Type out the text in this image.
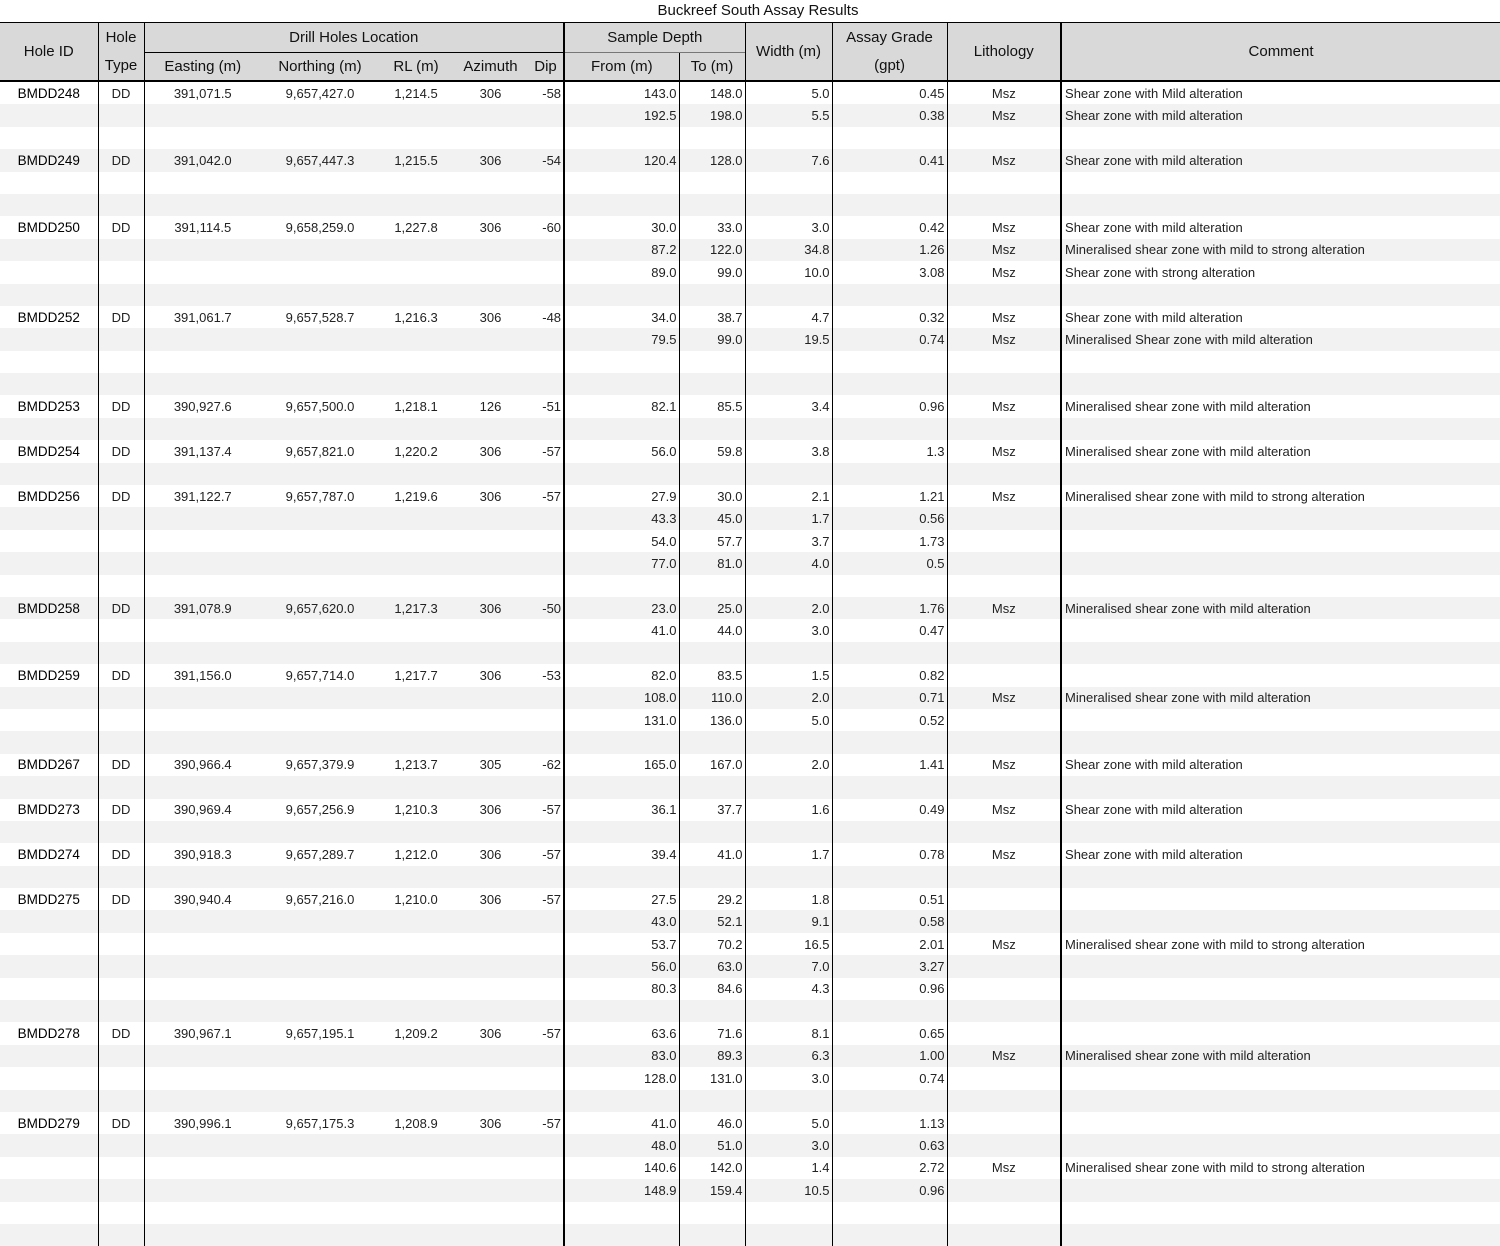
Buckreef South Assay Results
Hole ID	Hole	Drill Holes Location					Sample Depth		Width (m)	Assay Grade	Lithology	Comment
	Type	Easting (m)	Northing (m)	RL (m)	Azimuth	Dip	From (m)	To (m)		(gpt)		
BMDD248	DD	391,071.5	9,657,427.0	1,214.5	306	-58	143.0	148.0	5.0	0.45	Msz	Shear zone with Mild alteration
							192.5	198.0	5.5	0.38	Msz	Shear zone with mild alteration

BMDD249	DD	391,042.0	9,657,447.3	1,215.5	306	-54	120.4	128.0	7.6	0.41	Msz	Shear zone with mild alteration

BMDD250	DD	391,114.5	9,658,259.0	1,227.8	306	-60	30.0	33.0	3.0	0.42	Msz	Shear zone with mild alteration
							87.2	122.0	34.8	1.26	Msz	Mineralised shear zone with mild to strong alteration
							89.0	99.0	10.0	3.08	Msz	Shear zone with strong alteration

BMDD252	DD	391,061.7	9,657,528.7	1,216.3	306	-48	34.0	38.7	4.7	0.32	Msz	Shear zone with mild alteration
							79.5	99.0	19.5	0.74	Msz	Mineralised Shear zone with mild alteration

BMDD253	DD	390,927.6	9,657,500.0	1,218.1	126	-51	82.1	85.5	3.4	0.96	Msz	Mineralised shear zone with mild alteration

BMDD254	DD	391,137.4	9,657,821.0	1,220.2	306	-57	56.0	59.8	3.8	1.3	Msz	Mineralised shear zone with mild alteration

BMDD256	DD	391,122.7	9,657,787.0	1,219.6	306	-57	27.9	30.0	2.1	1.21	Msz	Mineralised shear zone with mild to strong alteration
							43.3	45.0	1.7	0.56		
							54.0	57.7	3.7	1.73		
							77.0	81.0	4.0	0.5		

BMDD258	DD	391,078.9	9,657,620.0	1,217.3	306	-50	23.0	25.0	2.0	1.76	Msz	Mineralised shear zone with mild alteration
							41.0	44.0	3.0	0.47		

BMDD259	DD	391,156.0	9,657,714.0	1,217.7	306	-53	82.0	83.5	1.5	0.82		
							108.0	110.0	2.0	0.71	Msz	Mineralised shear zone with mild alteration
							131.0	136.0	5.0	0.52		

BMDD267	DD	390,966.4	9,657,379.9	1,213.7	305	-62	165.0	167.0	2.0	1.41	Msz	Shear zone with mild alteration

BMDD273	DD	390,969.4	9,657,256.9	1,210.3	306	-57	36.1	37.7	1.6	0.49	Msz	Shear zone with mild alteration

BMDD274	DD	390,918.3	9,657,289.7	1,212.0	306	-57	39.4	41.0	1.7	0.78	Msz	Shear zone with mild alteration

BMDD275	DD	390,940.4	9,657,216.0	1,210.0	306	-57	27.5	29.2	1.8	0.51		
							43.0	52.1	9.1	0.58		
							53.7	70.2	16.5	2.01	Msz	Mineralised shear zone with mild to strong alteration
							56.0	63.0	7.0	3.27		
							80.3	84.6	4.3	0.96		

BMDD278	DD	390,967.1	9,657,195.1	1,209.2	306	-57	63.6	71.6	8.1	0.65		
							83.0	89.3	6.3	1.00	Msz	Mineralised shear zone with mild alteration
							128.0	131.0	3.0	0.74		

BMDD279	DD	390,996.1	9,657,175.3	1,208.9	306	-57	41.0	46.0	5.0	1.13		
							48.0	51.0	3.0	0.63		
							140.6	142.0	1.4	2.72	Msz	Mineralised shear zone with mild to strong alteration
							148.9	159.4	10.5	0.96		
